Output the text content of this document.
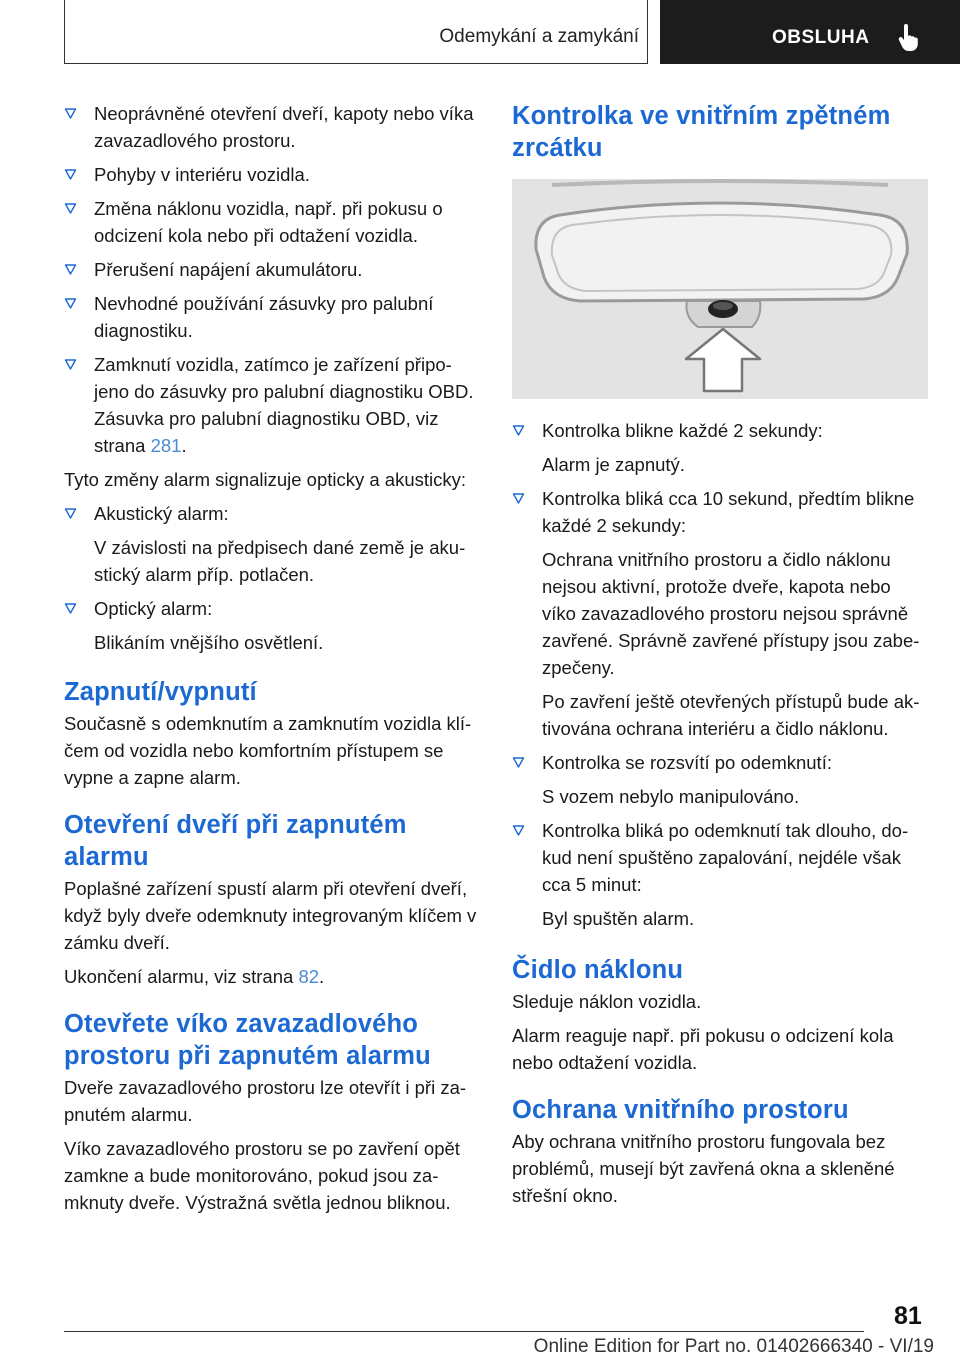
Odemykání a zamykání	OBSLUHA
Neoprávněné otevření dveří, kapoty nebo víka zavazadlového prostoru.
Pohyby v interiéru vozidla.
Změna náklonu vozidla, např. při pokusu o odcizení kola nebo při odtažení vozidla.
Přerušení napájení akumulátoru.
Nevhodné používání zásuvky pro palubní diagnostiku.
Zamknutí vozidla, zatímco je zařízení připojeno do zásuvky pro palubní diagnostiku OBD. Zásuvka pro palubní diagnostiku OBD, viz strana 281.

Tyto změny alarm signalizuje opticky a akusticky:

Akustický alarm:
V závislosti na předpisech dané země je akustický alarm příp. potlačen.
Optický alarm:
Blikáním vnějšího osvětlení.
Zapnutí/vypnutí

Současně s odemknutím a zamknutím vozidla klíčem od vozidla nebo komfortním přístupem se vypne a zapne alarm.

Otevření dveří při zapnutém alarmu

Poplašné zařízení spustí alarm při otevření dveří, když byly dveře odemknuty integrovaným klíčem v zámku dveří.

Ukončení alarmu, viz strana 82.

Otevřete víko zavazadlového prostoru při zapnutém alarmu

Dveře zavazadlového prostoru lze otevřít i při zapnutém alarmu.

Víko zavazadlového prostoru se po zavření opět zamkne a bude monitorováno, pokud jsou zamknuty dveře. Výstražná světla jednou bliknou.

Kontrolka ve vnitřním zpětném zrcátku
Kontrolka blikne každé 2 sekundy:
Alarm je zapnutý.
Kontrolka bliká cca 10 sekund, předtím blikne každé 2 sekundy:
Ochrana vnitřního prostoru a čidlo náklonu nejsou aktivní, protože dveře, kapota nebo víko zavazadlového prostoru nejsou správně zavřené. Správně zavřené přístupy jsou zabezpečeny.
Po zavření ještě otevřených přístupů bude aktivována ochrana interiéru a čidlo náklonu.
Kontrolka se rozsvítí po odemknutí:
S vozem nebylo manipulováno.
Kontrolka bliká po odemknutí tak dlouho, dokud není spuštěno zapalování, nejdéle však cca 5 minut:
Byl spuštěn alarm.
Čidlo náklonu

Sleduje náklon vozidla.

Alarm reaguje např. při pokusu o odcizení kola nebo odtažení vozidla.

Ochrana vnitřního prostoru

Aby ochrana vnitřního prostoru fungovala bez problémů, musejí být zavřená okna a skleněné střešní okno.

81
Online Edition for Part no. 01402666340 - VI/19
